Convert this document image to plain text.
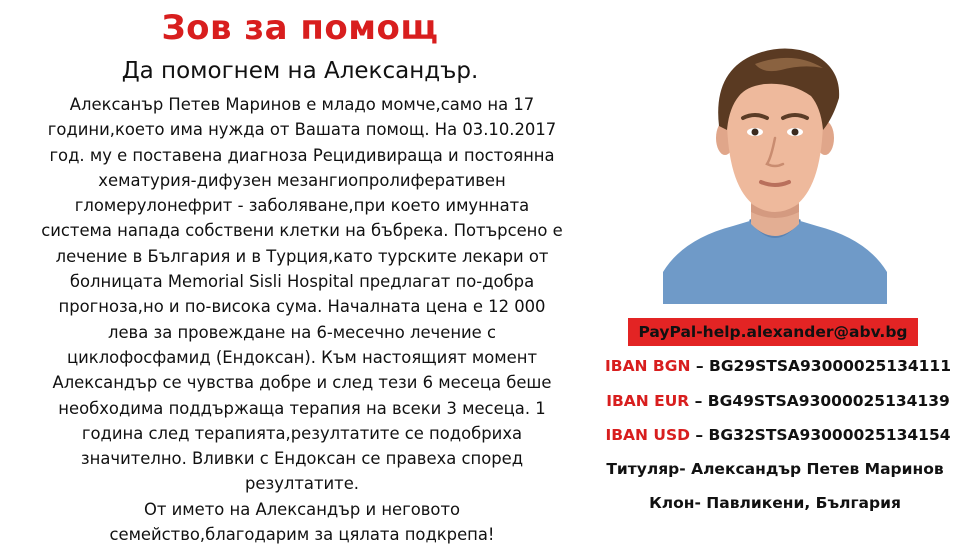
Зов за помощ
Да помогнем на Александър.
Алексанър Петев Маринов е младо момче,само на 17
години,което има нужда от Вашата помощ. На 03.10.2017
год. му е поставена диагноза Рецидивираща и постоянна
хематурия-дифузен мезангиопролиферативен
гломерулонефрит - заболяване,при което имунната
система напада собствени клетки на бъбрека. Потърсено е
лечение в България и в Турция,като турските лекари от
болницата Memorial Sisli Hospital предлагат по-добра
прогноза,но и по-висока сума. Началната цена е 12 000
лева за провеждане на 6-месечно лечение с
циклофосфамид (Ендоксан). Към настоящият момент
Александър се чувства добре и след тези 6 месеца беше
необходима поддържаща терапия на всеки 3 месеца. 1
година след терапията,резултатите се подобриха
значително. Вливки с Ендоксан се правеха според
резултатите.
От името на Александър и неговото
семейство,благодарим за цялата подкрепа!
PayPal-help.alexander@abv.bg
IBAN BGN – BG29STSA93000025134111
IBAN EUR – BG49STSA93000025134139
IBAN USD – BG32STSA93000025134154
Титуляр- Александър Петев Маринов
Клон- Павликени, България
